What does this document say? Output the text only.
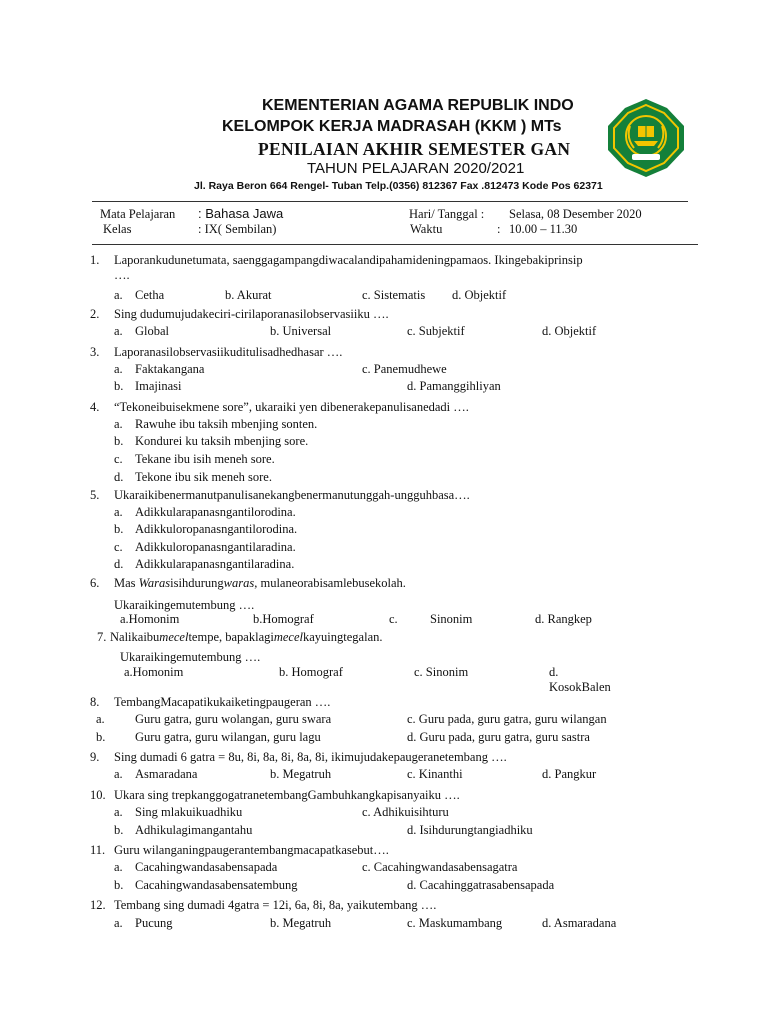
KEMENTERIAN AGAMA REPUBLIK INDO
KELOMPOK KERJA MADRASAH (KKM ) MTs
PENILAIAN AKHIR SEMESTER GAN
TAHUN PELAJARAN 2020/2021
Jl. Raya Beron 664 Rengel- Tuban Telp.(0356) 812367 Fax .812473 Kode Pos 62371
Mata Pelajaran : Bahasa Jawa
Kelas	: IX( Sembilan)
Hari/ Tanggal : Selasa, 08 Desember 2020
Waktu	: 10.00 – 11.30
1. Laporankudunetumata, saenggagampangdiwacalandipahamideningpamaos. Ikingebakiprinsip
….
a. Cetha	b. Akurat	c. Sistematis d. Objektif
2. Sing dudumujudakeciri-cirilaporanasilobservasiiku ….
a. Global	b. Universal	c. Subjektif	d. Objektif
3. Laporanasilobservasiikuditulisadhedhasar ….
a. Faktakangana	c. Panemudhewe
b. Imajinasi	d. Pamanggihliyan
4. “Tekoneibuisekmene sore”, ukaraiki yen dibenerakepanulisanedadi ….
a. Rawuhe ibu taksih mbenjing sonten.
b. Kondurei ku taksih mbenjing sore.
c. Tekane ibu isih meneh sore.
d. Tekone ibu sik meneh sore.
5. Ukaraikibenermanutpanulisanekangbenermanutunggah-ungguhbasa….
a. Adikkularapanasngantilorodina.
b. Adikkuloropanasngantilorodina.
c. Adikkuloropanasngantilaradina.
d. Adikkularapanasngantilaradina.
6. Mas Warasisihdurungwaras, mulaneorabisamlebusekolah.
Ukaraikingemutembung ….
a.Homonim	b.Homograf	c.	Sinonim	d. Rangkep
7. Nalikaibumeceltempe, bapaklagimecelkayuingtegalan.
Ukaraikingemutembung ….
a.Homonim	b. Homograf	c. Sinonim	d.
KosokBalen
8. TembangMacapatikukaiketingpaugeran ….
a. Guru gatra, guru wolangan, guru swara	c. Guru pada, guru gatra, guru wilangan
b. Guru gatra, guru wilangan, guru lagu	d. Guru pada, guru gatra, guru sastra
9. Sing dumadi 6 gatra = 8u, 8i, 8a, 8i, 8a, 8i, ikimujudakepaugeranetembang ….
a. Asmaradana	b. Megatruh	c. Kinanthi	d. Pangkur
10. Ukara sing trepkanggogatranetembangGambuhkangkapisanyaiku ….
a. Sing mlakuikuadhiku	c. Adhikuisihturu
b. Adhikulagimangantahu	d. Isihdurungtangiadhiku
11. Guru wilanganingpaugerantembangmacapatkasebut….
a. Cacahingwandasabensapada	c. Cacahingwandasabensagatra
b. Cacahingwandasabensatembung	d. Cacahinggatrasabensapada
12. Tembang sing dumadi 4gatra = 12i, 6a, 8i, 8a, yaikutembang ….
a. Pucung	b. Megatruh	c. Maskumambang	d. Asmaradana
